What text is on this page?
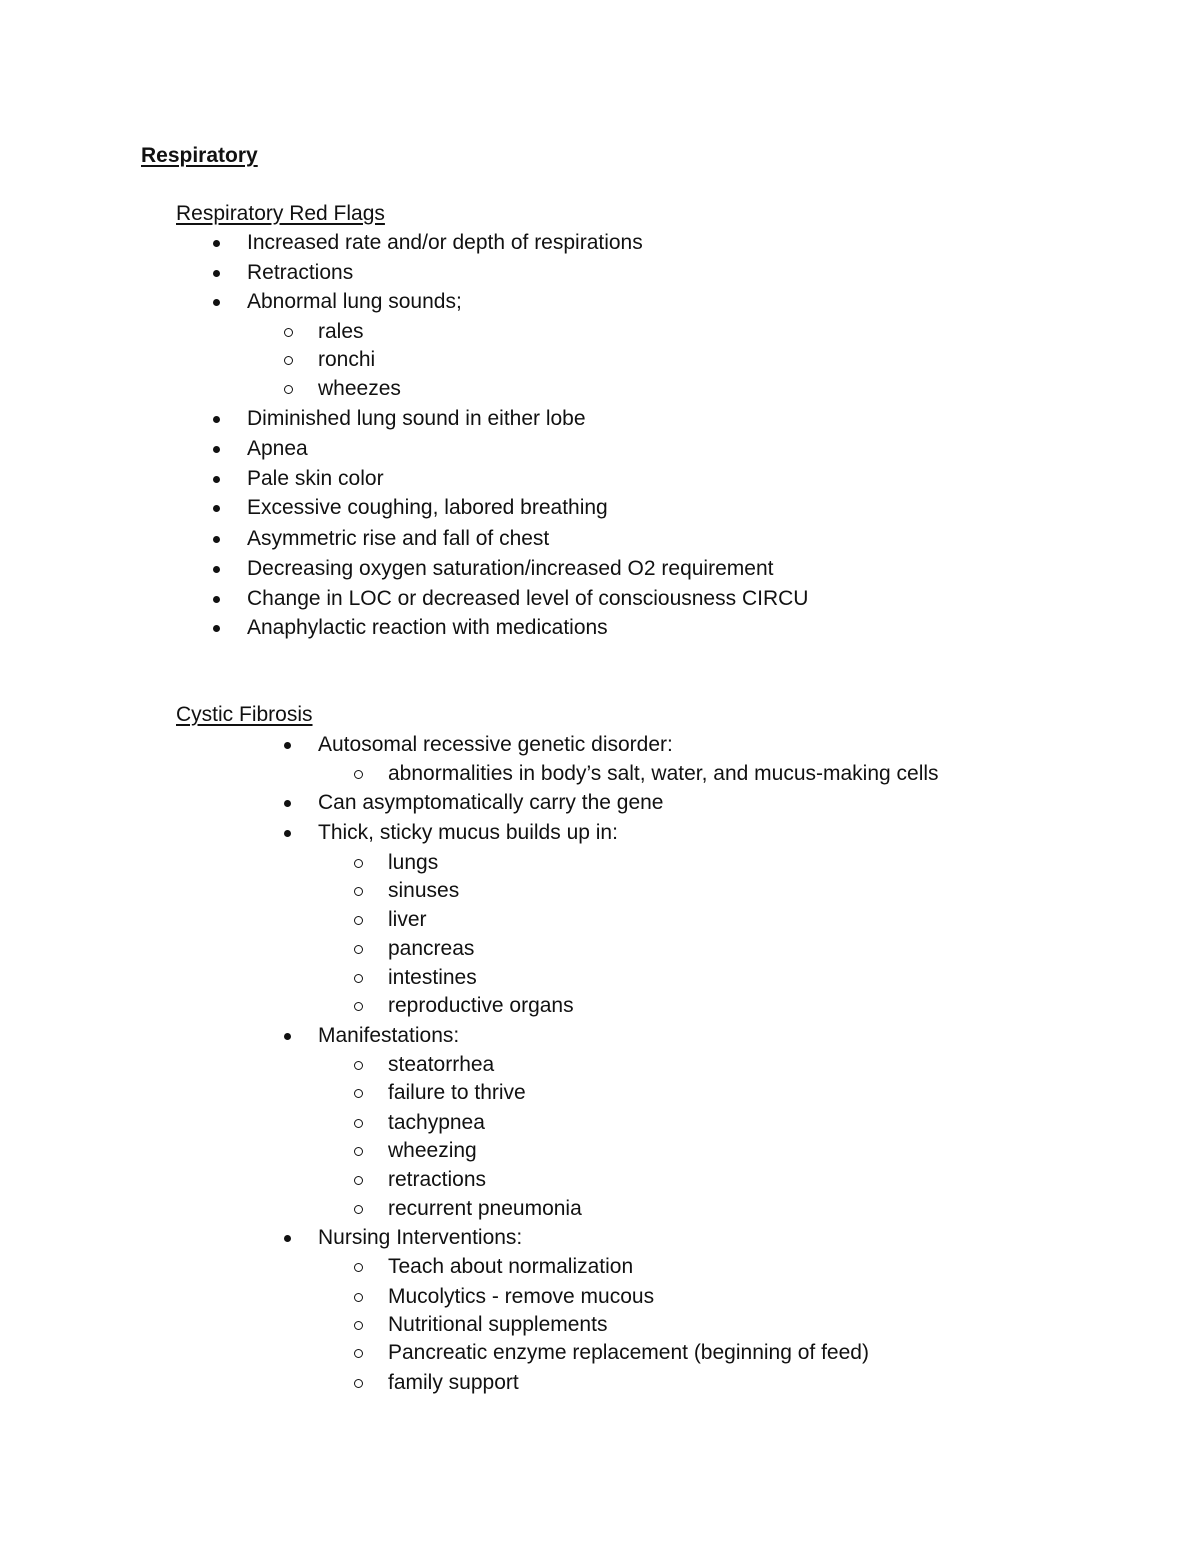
Respiratory
Respiratory Red Flags
Increased rate and/or depth of respirations
Retractions
Abnormal lung sounds;
rales
ronchi
wheezes
Diminished lung sound in either lobe
Apnea
Pale skin color
Excessive coughing, labored breathing
Asymmetric rise and fall of chest
Decreasing oxygen saturation/increased O2 requirement
Change in LOC or decreased level of consciousness CIRCU
Anaphylactic reaction with medications
Cystic Fibrosis
Autosomal recessive genetic disorder:
abnormalities in body’s salt, water, and mucus-making cells
Can asymptomatically carry the gene
Thick, sticky mucus builds up in:
lungs
sinuses
liver
pancreas
intestines
reproductive organs
Manifestations:
steatorrhea
failure to thrive
tachypnea
wheezing
retractions
recurrent pneumonia
Nursing Interventions:
Teach about normalization
Mucolytics - remove mucous
Nutritional supplements
Pancreatic enzyme replacement (beginning of feed)
family support
